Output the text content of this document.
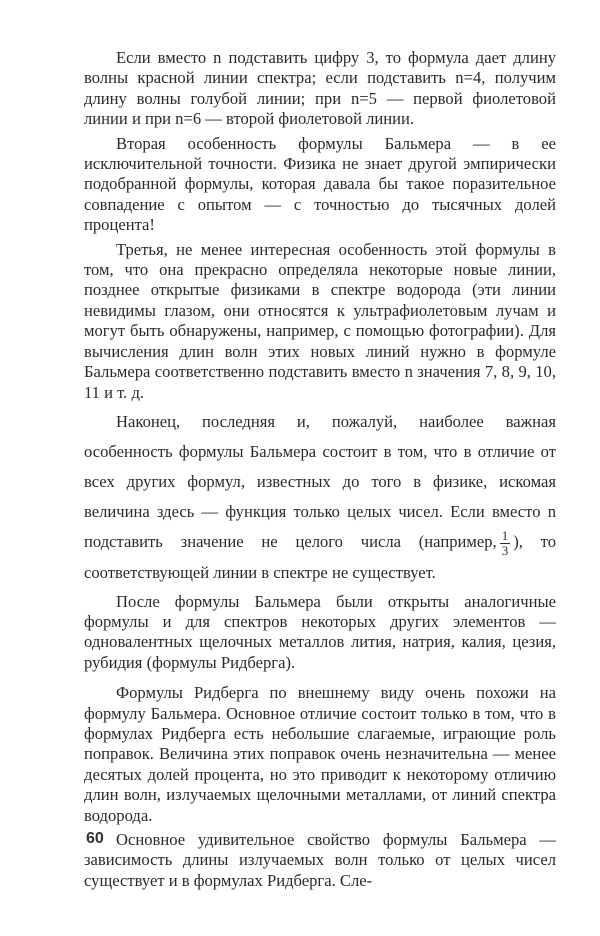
Если вместо n подставить цифру 3, то формула дает длину волны красной линии спектра; если подставить n=4, получим длину волны голубой линии; при n=5 — первой фиолетовой линии и при n=6 — второй фиолетовой линии.

Вторая особенность формулы Бальмера — в ее исключительной точности. Физика не знает другой эмпирически подобранной формулы, которая давала бы такое поразительное совпадение с опытом — с точностью до тысячных долей процента!

Третья, не менее интересная особенность этой формулы в том, что она прекрасно определяла некоторые новые линии, позднее открытые физиками в спектре водорода (эти линии невидимы глазом, они относятся к ультрафиолетовым лучам и могут быть обнаружены, например, с помощью фотографии). Для вычисления длин волн этих новых линий нужно в формуле Бальмера соответственно подставить вместо n значения 7, 8, 9, 10, 11 и т. д.

Наконец, последняя и, пожалуй, наиболее важная особенность формулы Бальмера состоит в том, что в отличие от всех других формул, известных до того в физике, искомая величина здесь — функция только целых чисел. Если вместо n подставить значение не целого числа (например, $\frac{1}{3}$ ), то соответствующей линии в спектре не существует.

После формулы Бальмера были открыты аналогичные формулы и для спектров некоторых других элементов — одновалентных щелочных металлов лития, натрия, калия, цезия, рубидия (формулы Ридберга).

Формулы Ридберга по внешнему виду очень похожи на формулу Бальмера. Основное отличие состоит только в том, что в формулах Ридберга есть небольшие слагаемые, играющие роль поправок. Величина этих поправок очень незначительна — менее десятых долей процента, но это приводит к некоторому отличию длин волн, излучаемых щелочными металлами, от линий спектра водорода.

Основное удивительное свойство формулы Бальмера — зависимость длины излучаемых волн только от целых чисел существует и в формулах Ридберга. Сле-

60
